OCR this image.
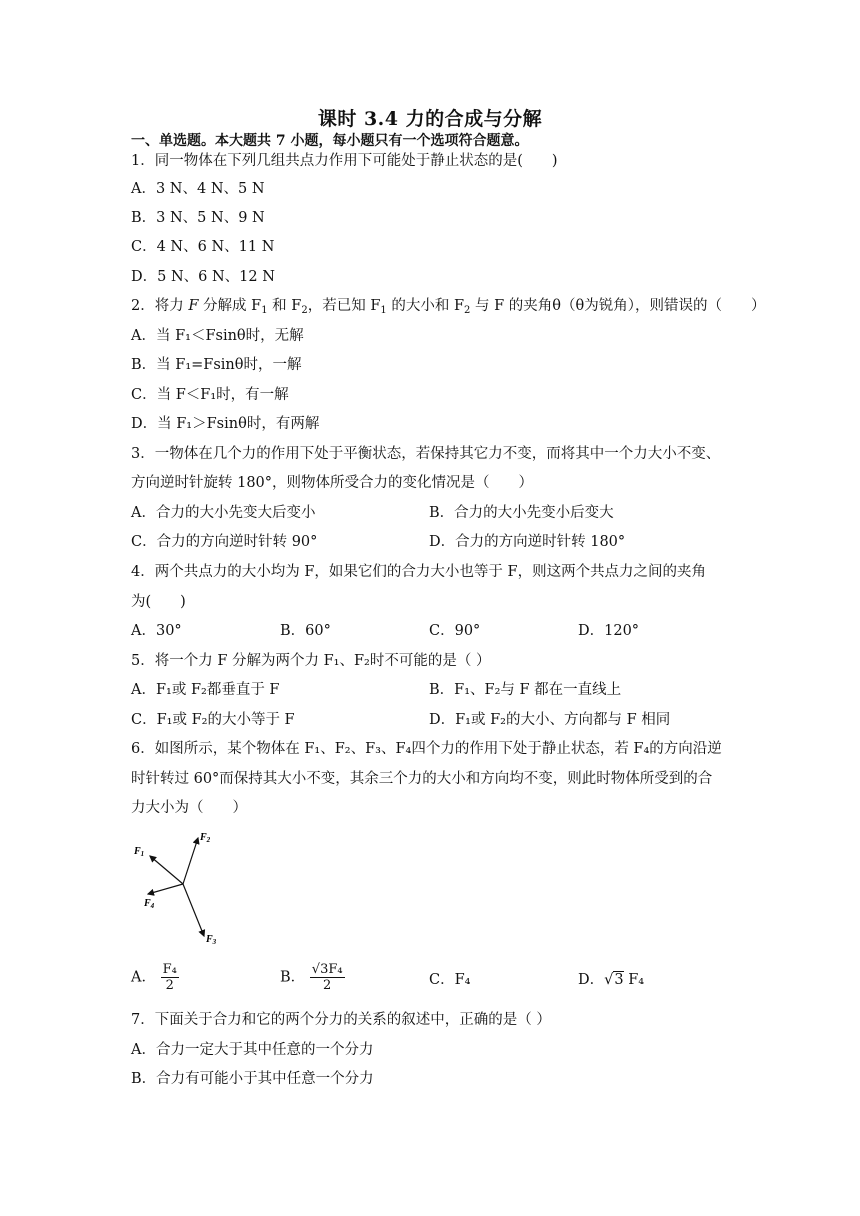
课时 3.4 力的合成与分解
一、单选题。本大题共 7 小题，每小题只有一个选项符合题意。
1．同一物体在下列几组共点力作用下可能处于静止状态的是(　　)
A．3 N、4 N、5 N
B．3 N、5 N、9 N
C．4 N、6 N、11 N
D．5 N、6 N、12 N
2．将力 F 分解成 $F_1$ 和 $F_2$，若已知 $F_1$ 的大小和 $F_2$ 与 F 的夹角θ（θ为锐角），则错误的（　　）
A．当 F₁＜Fsinθ时，无解
B．当 F₁=Fsinθ时，一解
C．当 F＜F₁时，有一解
D．当 F₁＞Fsinθ时，有两解
3．一物体在几个力的作用下处于平衡状态，若保持其它力不变，而将其中一个力大小不变、
方向逆时针旋转 180°，则物体所受合力的变化情况是（　　）
A．合力的大小先变大后变小	B．合力的大小先变小后变大
C．合力的方向逆时针转 90°	D．合力的方向逆时针转 180°
4．两个共点力的大小均为 F，如果它们的合力大小也等于 F，则这两个共点力之间的夹角
为(　　)
A．30°	B．60°	C．90°	D．120°
5．将一个力 F 分解为两个力 F₁、F₂时不可能的是（ ）
A．F₁或 F₂都垂直于 F	B．F₁、F₂与 F 都在一直线上
C．F₁或 F₂的大小等于 F	D．F₁或 F₂的大小、方向都与 F 相同
6．如图所示，某个物体在 F₁、F₂、F₃、F₄四个力的作用下处于静止状态，若 F₄的方向沿逆
时针转过 60°而保持其大小不变，其余三个力的大小和方向均不变，则此时物体所受到的合
力大小为（　　）
$F_1$
$F_2$
$F_3$
$F_4$
A． $\frac{\text{F₄}}{2}$	B． $\frac{\text{√3F₄}}{2}$	C．F₄	D．√3 F₄
7．下面关于合力和它的两个分力的关系的叙述中，正确的是（ ）
A．合力一定大于其中任意的一个分力
B．合力有可能小于其中任意一个分力
